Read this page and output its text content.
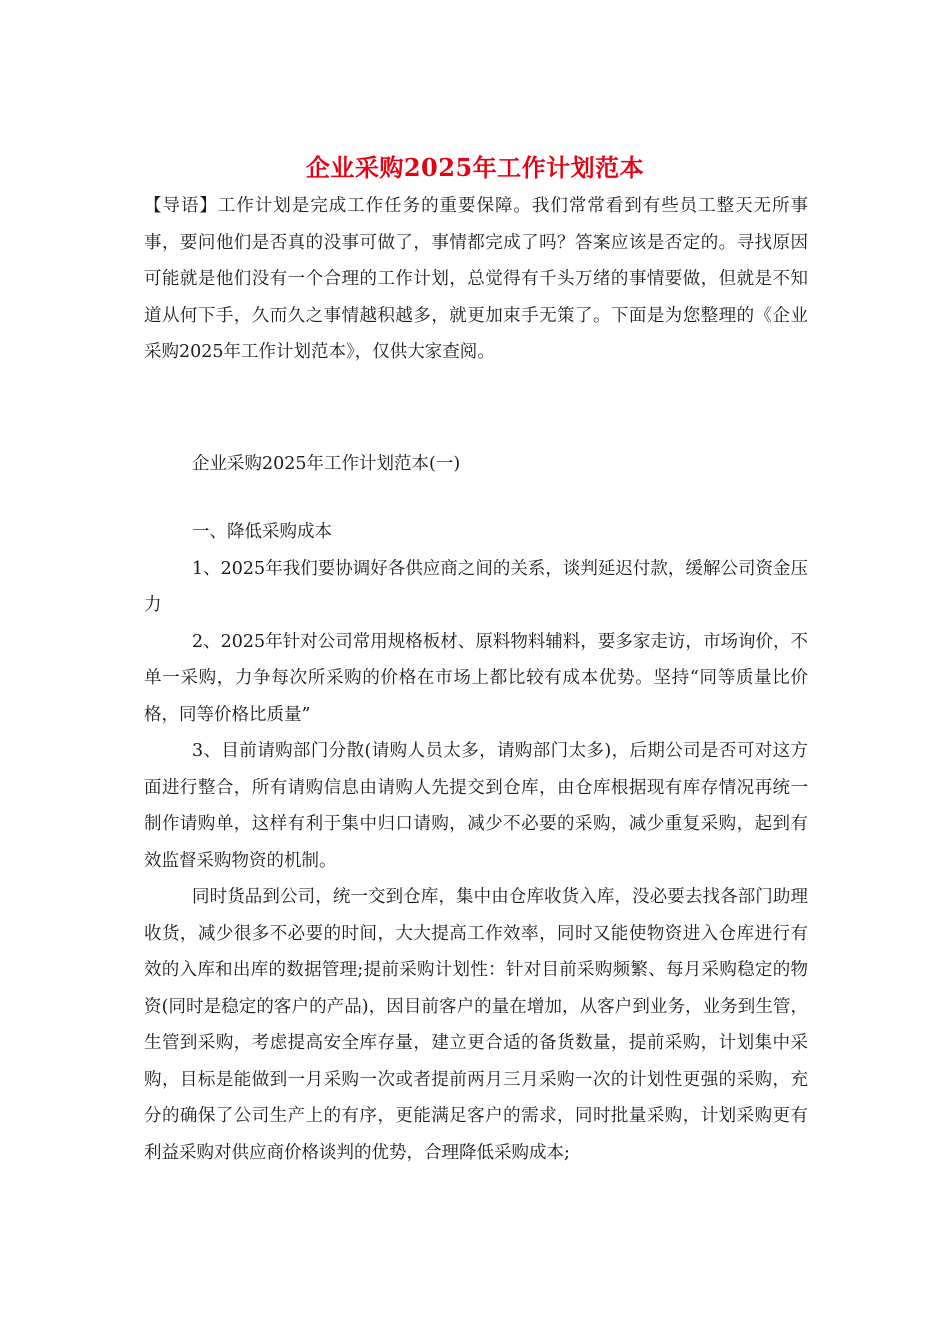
企业采购2025年工作计划范本
【导语】工作计划是完成工作任务的重要保障。我们常常看到有些员工整天无所事事，要问他们是否真的没事可做了，事情都完成了吗？答案应该是否定的。寻找原因可能就是他们没有一个合理的工作计划，总觉得有千头万绪的事情要做，但就是不知道从何下手，久而久之事情越积越多，就更加束手无策了。下面是为您整理的《企业采购2025年工作计划范本》，仅供大家查阅。
企业采购2025年工作计划范本(一)

一、降低采购成本

1、2025年我们要协调好各供应商之间的关系，谈判延迟付款，缓解公司资金压力

2、2025年针对公司常用规格板材、原料物料辅料，要多家走访，市场询价，不单一采购，力争每次所采购的价格在市场上都比较有成本优势。坚持“同等质量比价格，同等价格比质量”

3、目前请购部门分散(请购人员太多，请购部门太多)，后期公司是否可对这方面进行整合，所有请购信息由请购人先提交到仓库，由仓库根据现有库存情况再统一制作请购单，这样有利于集中归口请购，减少不必要的采购，减少重复采购，起到有效监督采购物资的机制。

同时货品到公司，统一交到仓库，集中由仓库收货入库，没必要去找各部门助理收货，减少很多不必要的时间，大大提高工作效率，同时又能使物资进入仓库进行有效的入库和出库的数据管理;提前采购计划性：针对目前采购频繁、每月采购稳定的物资(同时是稳定的客户的产品)，因目前客户的量在增加，从客户到业务，业务到生管，生管到采购，考虑提高安全库存量，建立更合适的备货数量，提前采购，计划集中采购，目标是能做到一月采购一次或者提前两月三月采购一次的计划性更强的采购，充分的确保了公司生产上的有序，更能满足客户的需求，同时批量采购，计划采购更有利益采购对供应商价格谈判的优势，合理降低采购成本;
